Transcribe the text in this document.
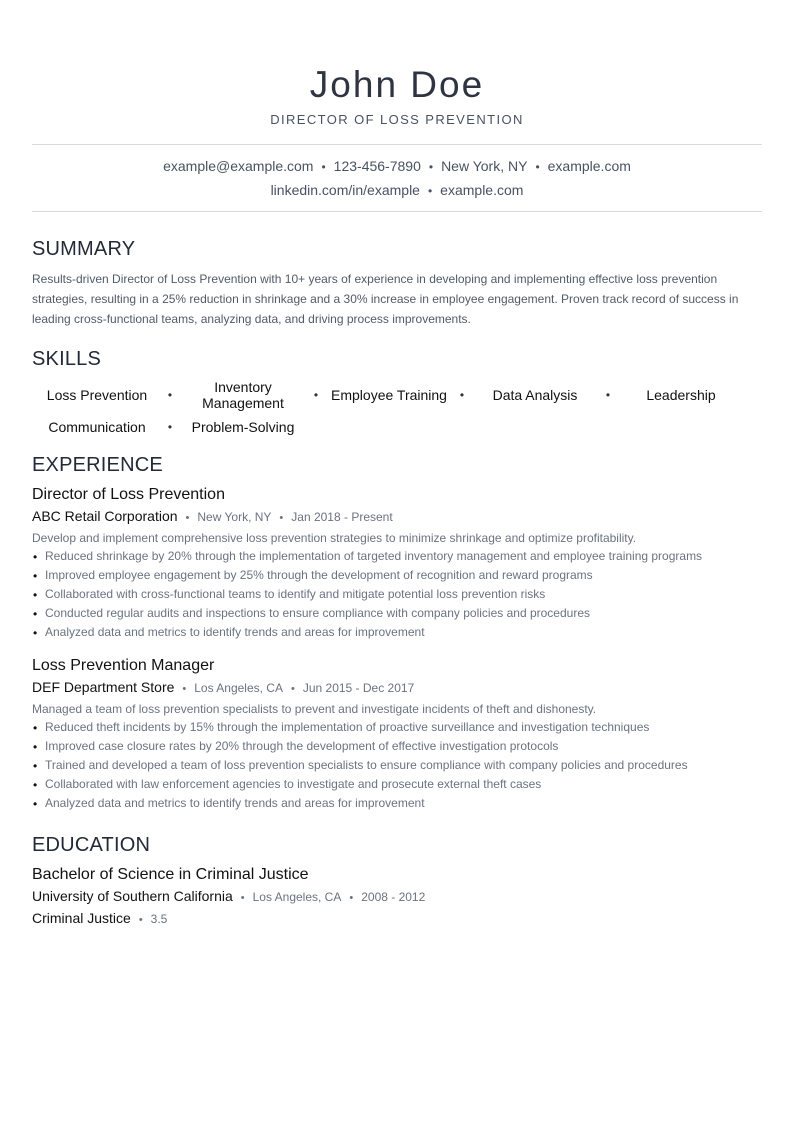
John Doe
DIRECTOR OF LOSS PREVENTION
example@example.com • 123-456-7890 • New York, NY • example.com
linkedin.com/in/example • example.com
SUMMARY
Results-driven Director of Loss Prevention with 10+ years of experience in developing and implementing effective loss prevention strategies, resulting in a 25% reduction in shrinkage and a 30% increase in employee engagement. Proven track record of success in leading cross-functional teams, analyzing data, and driving process improvements.
SKILLS
Loss Prevention	•	Inventory Management	• Employee Training	•	Data Analysis	•	Leadership
Communication	•	Problem-Solving
EXPERIENCE
Director of Loss Prevention
ABC Retail Corporation • New York, NY • Jan 2018 - Present
Develop and implement comprehensive loss prevention strategies to minimize shrinkage and optimize profitability.
• Reduced shrinkage by 20% through the implementation of targeted inventory management and employee training programs
• Improved employee engagement by 25% through the development of recognition and reward programs
• Collaborated with cross-functional teams to identify and mitigate potential loss prevention risks
• Conducted regular audits and inspections to ensure compliance with company policies and procedures
• Analyzed data and metrics to identify trends and areas for improvement
Loss Prevention Manager
DEF Department Store • Los Angeles, CA • Jun 2015 - Dec 2017
Managed a team of loss prevention specialists to prevent and investigate incidents of theft and dishonesty.
• Reduced theft incidents by 15% through the implementation of proactive surveillance and investigation techniques
• Improved case closure rates by 20% through the development of effective investigation protocols
• Trained and developed a team of loss prevention specialists to ensure compliance with company policies and procedures
• Collaborated with law enforcement agencies to investigate and prosecute external theft cases
• Analyzed data and metrics to identify trends and areas for improvement
EDUCATION
Bachelor of Science in Criminal Justice
University of Southern California • Los Angeles, CA • 2008 - 2012
Criminal Justice • 3.5
